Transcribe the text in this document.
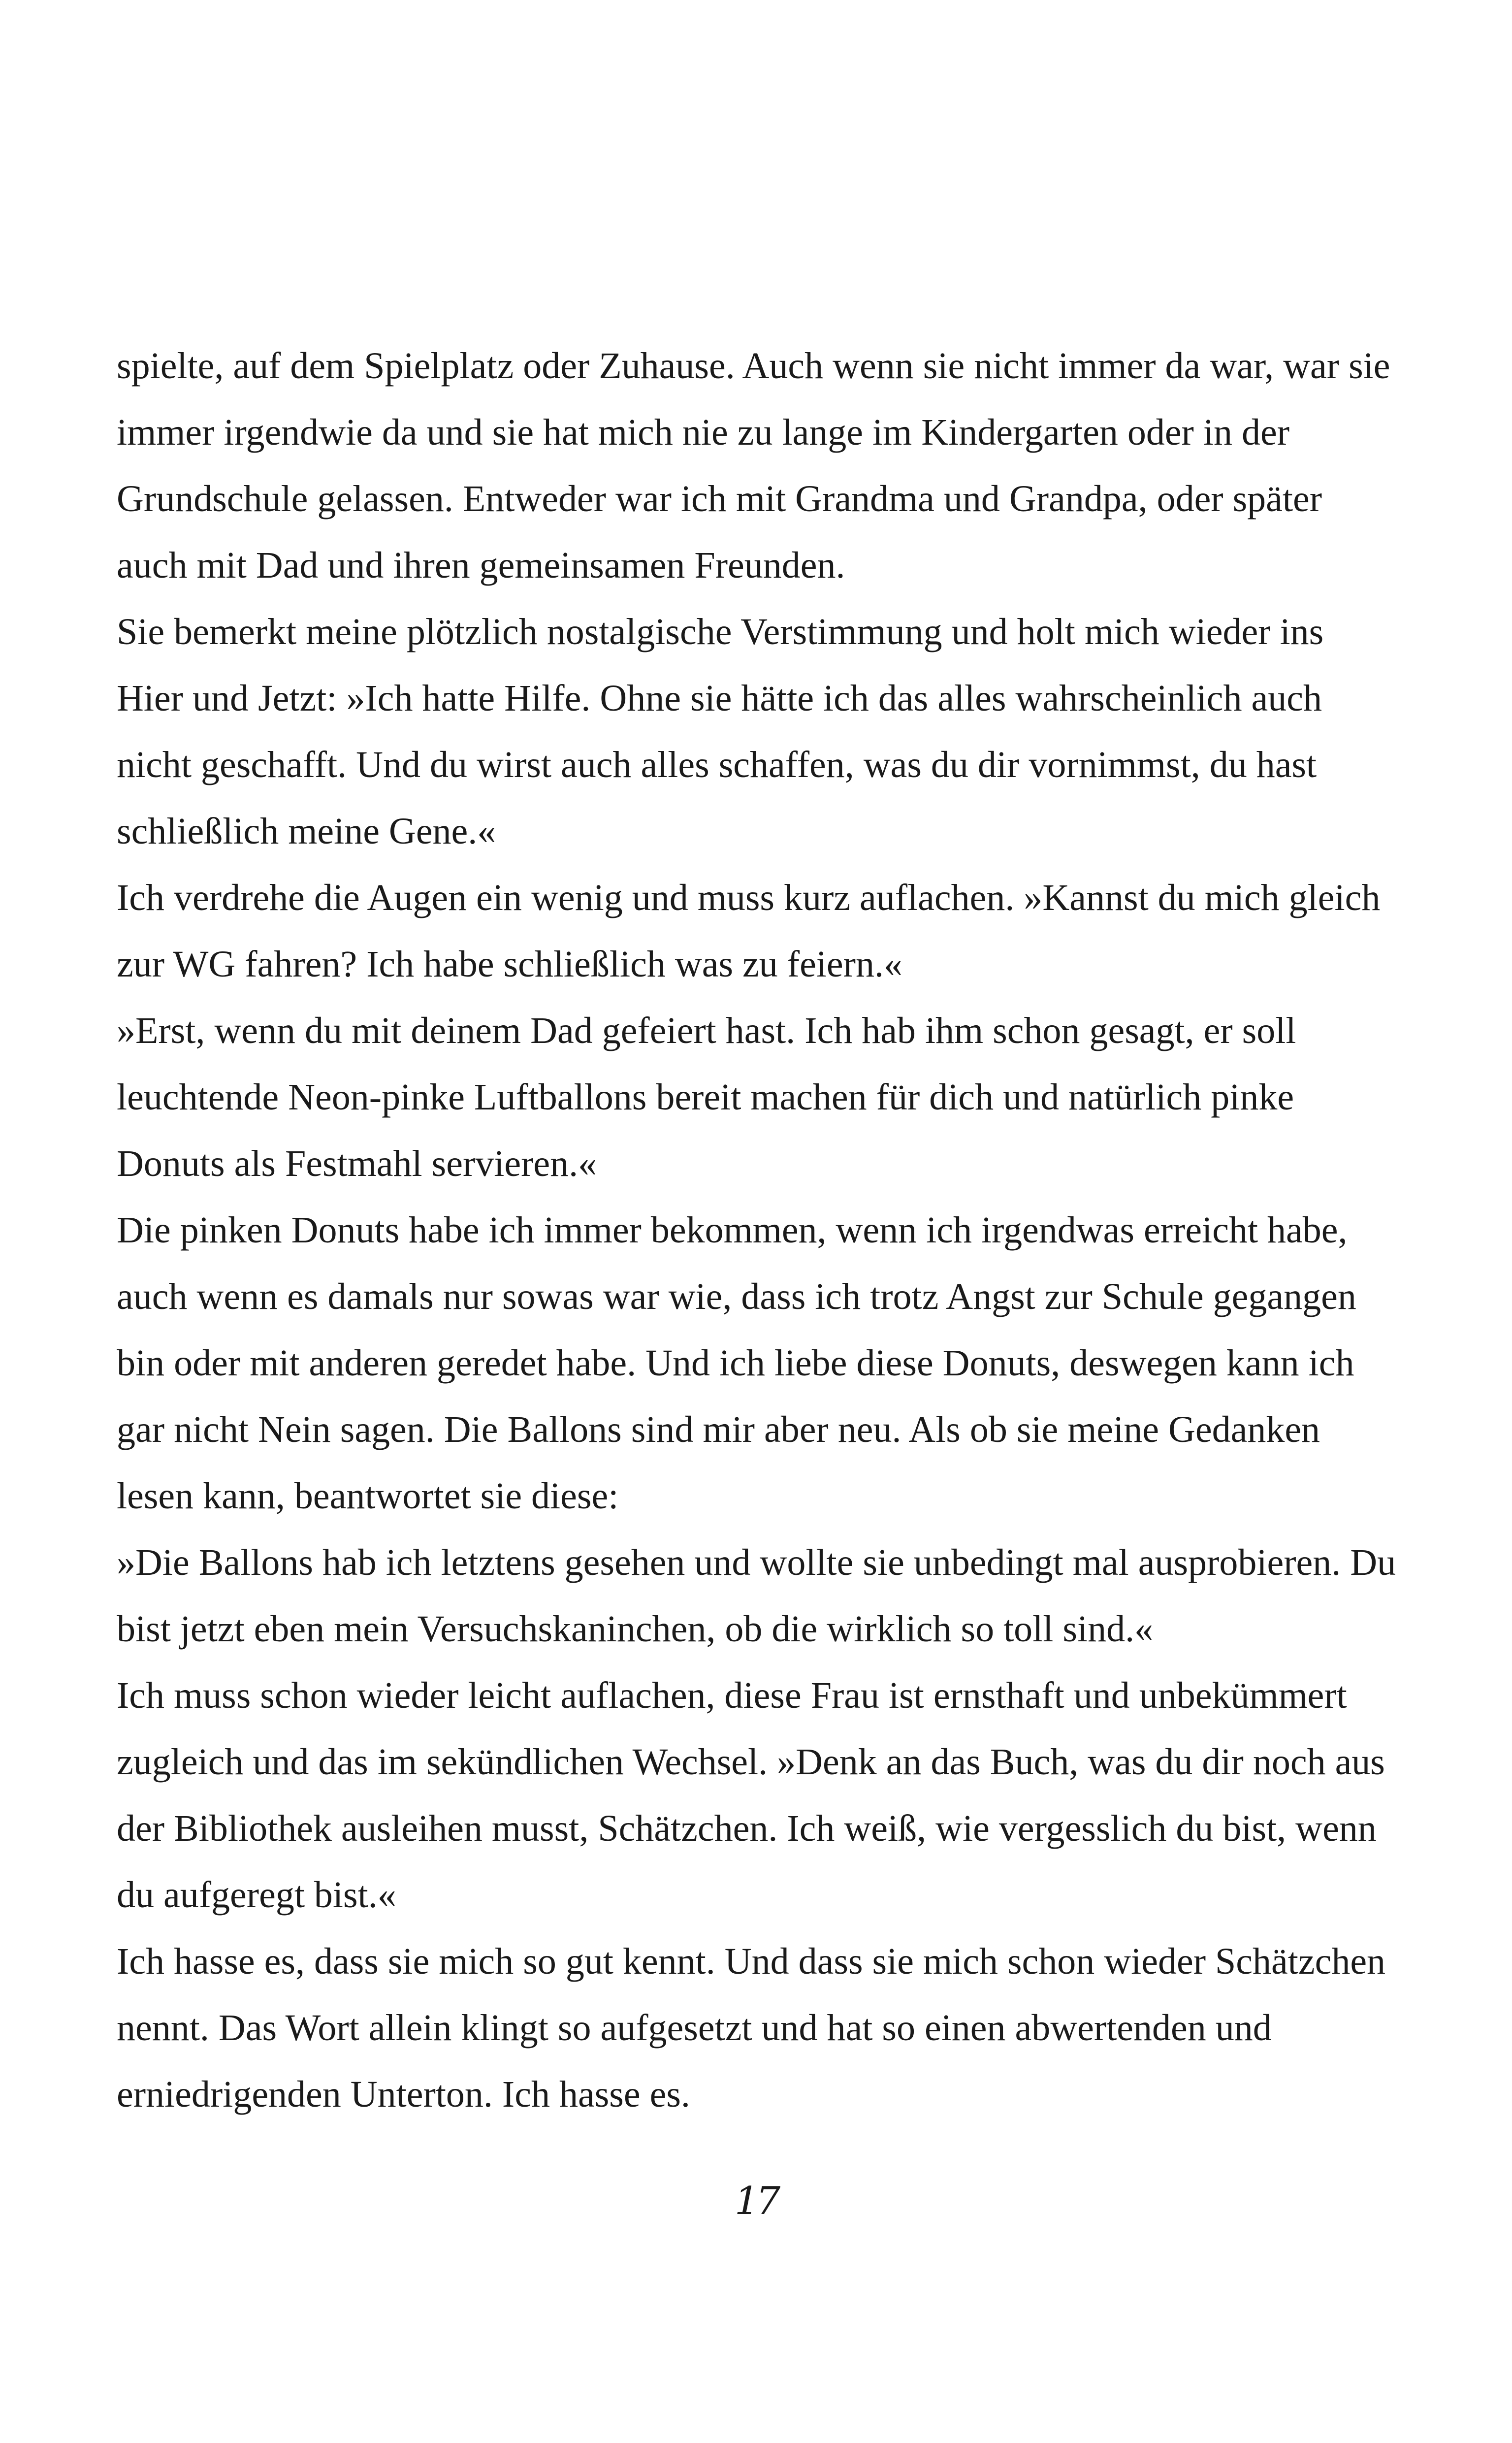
spielte, auf dem Spielplatz oder Zuhause. Auch wenn sie nicht immer da war, war sie immer irgendwie da und sie hat mich nie zu lange im Kindergarten oder in der Grundschule gelassen. Entweder war ich mit Grandma und Grandpa, oder später auch mit Dad und ihren gemeinsamen Freunden.

Sie bemerkt meine plötzlich nostalgische Verstimmung und holt mich wieder ins Hier und Jetzt: »Ich hatte Hilfe. Ohne sie hätte ich das alles wahrscheinlich auch nicht geschafft. Und du wirst auch alles schaffen, was du dir vornimmst, du hast schließlich meine Gene.«

Ich verdrehe die Augen ein wenig und muss kurz auflachen. »Kannst du mich gleich zur WG fahren? Ich habe schließlich was zu feiern.«

»Erst, wenn du mit deinem Dad gefeiert hast. Ich hab ihm schon gesagt, er soll leuchtende Neon-pinke Luftballons bereit machen für dich und natürlich pinke Donuts als Festmahl servieren.«

Die pinken Donuts habe ich immer bekommen, wenn ich irgendwas erreicht habe, auch wenn es damals nur sowas war wie, dass ich trotz Angst zur Schule gegangen bin oder mit anderen geredet habe. Und ich liebe diese Donuts, deswegen kann ich gar nicht Nein sagen. Die Ballons sind mir aber neu. Als ob sie meine Gedanken lesen kann, beantwortet sie diese:

»Die Ballons hab ich letztens gesehen und wollte sie unbedingt mal ausprobieren. Du bist jetzt eben mein Versuchskaninchen, ob die wirklich so toll sind.«

Ich muss schon wieder leicht auflachen, diese Frau ist ernsthaft und unbekümmert zugleich und das im sekündlichen Wechsel. »Denk an das Buch, was du dir noch aus der Bibliothek ausleihen musst, Schätzchen. Ich weiß, wie vergesslich du bist, wenn du aufgeregt bist.«

Ich hasse es, dass sie mich so gut kennt. Und dass sie mich schon wieder Schätzchen nennt. Das Wort allein klingt so aufgesetzt und hat so einen abwertenden und erniedrigenden Unterton. Ich hasse es.

17
